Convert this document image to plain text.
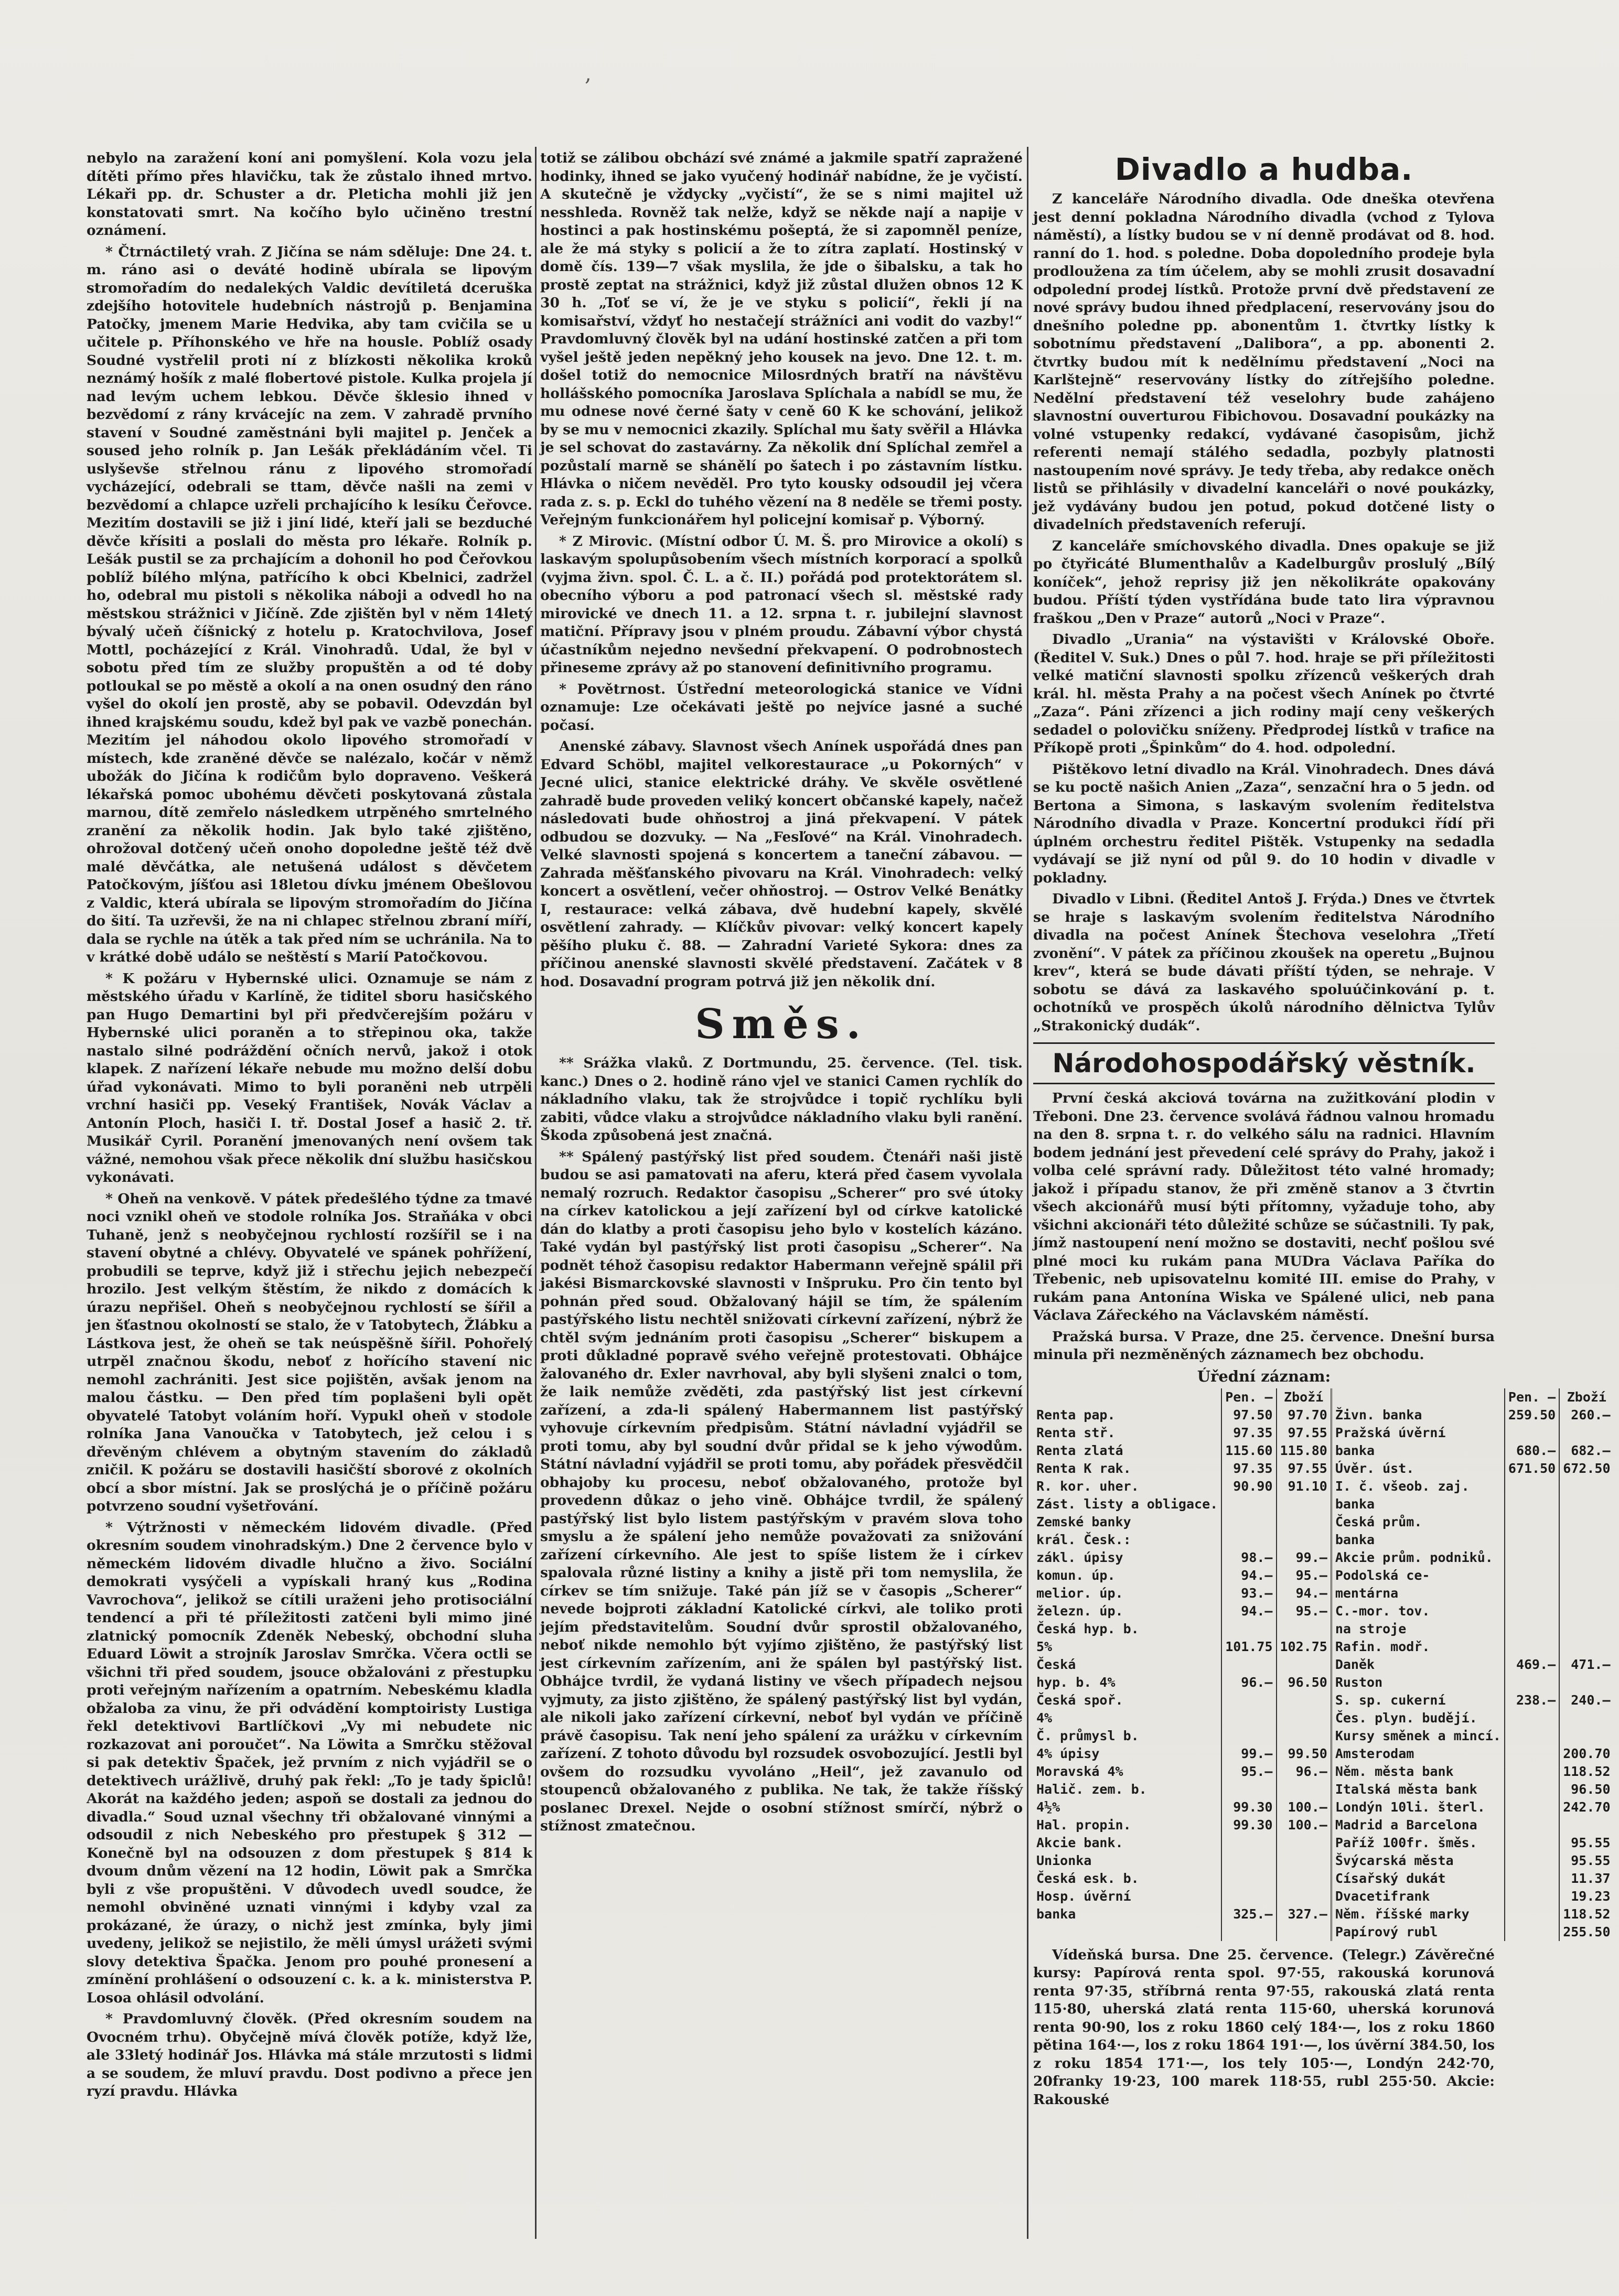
,

nebylo na zaražení koní ani pomyšlení. Kola vozu jela dítěti přímo přes hlavičku, tak že zůstalo ihned mrtvo. Lékaři pp. dr. Schuster a dr. Pleticha mohli již jen konstatovati smrt. Na kočího bylo učiněno trestní oznámení.

* Čtrnáctiletý vrah. Z Jičína se nám sděluje: Dne 24. t. m. ráno asi o deváté hodině ubírala se lipovým stromořadím do nedalekých Valdic devítiletá dceruška zdejšího hotovitele hudebních nástrojů p. Benjamina Patočky, jmenem Marie Hedvika, aby tam cvičila se u učitele p. Příhonského ve hře na housle. Poblíž osady Soudné vystřelil proti ní z blízkosti několika kroků neznámý hošík z malé flobertové pistole. Kulka projela jí nad levým uchem lebkou. Děvče šklesio ihned v bezvědomí z rány krvácejíc na zem. V zahradě prvního stavení v Soudné zaměstnáni byli majitel p. Jenček a soused jeho rolník p. Jan Lešák překládáním včel. Ti uslyševše střelnou ránu z lipového stromořadí vycházející, odebrali se ttam, děvče našli na zemi v bezvědomí a chlapce uzřeli prchajícího k lesíku Čeřovce. Mezitím dostavili se již i jiní lidé, kteří jali se bezduché děvče křísiti a poslali do města pro lékaře. Rolník p. Lešák pustil se za prchajícím a dohonil ho pod Čeřovkou poblíž bílého mlýna, patřícího k obci Kbelnici, zadržel ho, odebral mu pistoli s několika náboji a odvedl ho na městskou strážnici v Jičíně. Zde zjištěn byl v něm 14letý bývalý učeň číšnický z hotelu p. Kratochvilova, Josef Mottl, pocházející z Král. Vinohradů. Udal, že byl v sobotu před tím ze služby propuštěn a od té doby potloukal se po městě a okolí a na onen osudný den ráno vyšel do okolí jen prostě, aby se pobavil. Odevzdán byl ihned krajskému soudu, kdež byl pak ve vazbě ponechán. Mezitím jel náhodou okolo lipového stromořadí v místech, kde zraněné děvče se nalézalo, kočár v němž ubožák do Jičína k rodičům bylo dopraveno. Veškerá lékařská pomoc ubohému děvčeti poskytovaná zůstala marnou, dítě zemřelo následkem utrpěného smrtelného zranění za několik hodin. Jak bylo také zjištěno, ohrožoval dotčený učeň onoho dopoledne ještě též dvě malé děvčátka, ale netušená událost s děvčetem Patočkovým, jíšťou asi 18letou dívku jménem Obešlovou z Valdic, která ubírala se lipovým stromořadím do Jičína do šití. Ta uzřevši, že na ni chlapec střelnou zbraní míří, dala se rychle na útěk a tak před ním se uchránila. Na to v krátké době událo se neštěstí s Marií Patočkovou.

* K požáru v Hybernské ulici. Oznamuje se nám z městského úřadu v Karlíně, že tiditel sboru hasičského pan Hugo Demartini byl při předvčerejším požáru v Hybernské ulici poraněn a to střepinou oka, takže nastalo silné podráždění očních nervů, jakož i otok klapek. Z nařízení lékaře nebude mu možno delší dobu úřad vykonávati. Mimo to byli poraněni neb utrpěli vrchní hasiči pp. Veseký František, Novák Václav a Antonín Ploch, hasiči I. tř. Dostal Josef a hasič 2. tř. Musikář Cyril. Poranění jmenovaných není ovšem tak vážné, nemohou však přece několik dní službu hasičskou vykonávati.

* Oheň na venkově. V pátek předešlého týdne za tmavé noci vznikl oheň ve stodole rolníka Jos. Straňáka v obci Tuhaně, jenž s neobyčejnou rychlostí rozšířil se i na stavení obytné a chlévy. Obyvatelé ve spánek pohřížení, probudili se teprve, když již i střechu jejich nebezpečí hrozilo. Jest velkým štěstím, že nikdo z domácích k úrazu nepřišel. Oheň s neobyčejnou rychlostí se šířil a jen šťastnou okolností se stalo, že v Tatobytech, Žlábku a Lástkova jest, že oheň se tak neúspěšně šířil. Pohořelý utrpěl značnou škodu, neboť z hořícího stavení nic nemohl zachrániti. Jest sice pojištěn, avšak jenom na malou částku. — Den před tím poplašeni byli opět obyvatelé Tatobyt voláním hoří. Vypukl oheň v stodole rolníka Jana Vanoučka v Tatobytech, jež celou i s dřevěným chlévem a obytným stavením do základů zničil. K požáru se dostavili hasičští sborové z okolních obcí a sbor místní. Jak se proslýchá je o příčině požáru potvrzeno soudní vyšetřování.

* Výtržnosti v německém lidovém divadle. (Před okresním soudem vinohradským.) Dne 2 července bylo v německém lidovém divadle hlučno a živo. Sociální demokrati vysýčeli a vypískali hraný kus „Rodina Vavrochova“, jelikož se cítili uraženi jeho protisociální tendencí a při té příležitosti zatčeni byli mimo jiné zlatnický pomocník Zdeněk Nebeský, obchodní sluha Eduard Löwit a strojník Jaroslav Smrčka. Včera octli se všichni tři před soudem, jsouce obžalováni z přestupku proti veřejným nařízením a opatrním. Nebeskému kladla obžaloba za vinu, že při odvádění komptoiristy Lustiga řekl detektivovi Bartlíčkovi „Vy mi nebudete nic rozkazovat ani poroučet“. Na Löwita a Smrčku stěžoval si pak detektiv Špaček, jež prvním z nich vyjádřil se o detektivech urážlivě, druhý pak řekl: „To je tady špiclů! Akorát na každého jeden; aspoň se dostali za jednou do divadla.“ Soud uznal všechny tři obžalované vinnými a odsoudil z nich Nebeského pro přestupek § 312 — Konečně byl na odsouzen z dom přestupek § 814 k dvoum dnům vězení na 12 hodin, Löwit pak a Smrčka byli z vše propuštěni. V důvodech uvedl soudce, že nemohl obviněné uznati vinnými i kdyby vzal za prokázané, že úrazy, o nichž jest zmínka, byly jimi uvedeny, jelikož se nejistilo, že měli úmysl urážeti svými slovy detektiva Špačka. Jenom pro pouhé pronesení a zmínění prohlášení o odsouzení c. k. a k. ministerstva P. Losoa ohlásil odvolání.

* Pravdomluvný člověk. (Před okresním soudem na Ovocném trhu). Obyčejně mívá člověk potíže, když lže, ale 33letý hodinář Jos. Hlávka má stále mrzutosti s lidmi a se soudem, že mluví pravdu. Dost podivno a přece jen ryzí pravdu. Hlávka

totiž se zálibou obchází své známé a jakmile spatří zapražené hodinky, ihned se jako vyučený hodinář nabídne, že je vyčistí. A skutečně je vždycky „vyčistí“, že se s nimi majitel už nesshleda. Rovněž tak nelže, když se někde nají a napije v hostinci a pak hostinskému pošeptá, že si zapomněl peníze, ale že má styky s policií a že to zítra zaplatí. Hostinský v domě čís. 139—7 však myslila, že jde o šibalsku, a tak ho prostě zeptat na strážnici, když již zůstal dlužen obnos 12 K 30 h. „Toť se ví, že je ve styku s policií“, řekli jí na komisařství, vždyť ho nestačejí strážníci ani vodit do vazby!“ Pravdomluvný člověk byl na udání hostinské zatčen a při tom vyšel ještě jeden nepěkný jeho kousek na jevo. Dne 12. t. m. došel totiž do nemocnice Milosrdných bratří na návštěvu hollášského pomocníka Jaroslava Splíchala a nabídl se mu, že mu odnese nové černé šaty v ceně 60 K ke schování, jelikož by se mu v nemocnici zkazily. Splíchal mu šaty svěřil a Hlávka je sel schovat do zastavárny. Za několik dní Splíchal zemřel a pozůstalí marně se shánělí po šatech i po zástavním lístku. Hlávka o ničem nevěděl. Pro tyto kousky odsoudil jej včera rada z. s. p. Eckl do tuhého vězení na 8 neděle se třemi posty. Veřejným funkcionářem hyl policejní komisař p. Výborný.

* Z Mirovic. (Místní odbor Ú. M. Š. pro Mirovice a okolí) s laskavým spolupůsobením všech místních korporací a spolků (vyjma živn. spol. Č. L. a č. II.) pořádá pod protektorátem sl. obecního výboru a pod patronací všech sl. městské rady mirovické ve dnech 11. a 12. srpna t. r. jubilejní slavnost matiční. Přípravy jsou v plném proudu. Zábavní výbor chystá účastníkům nejedno nevšední překvapení. O podrobnostech přineseme zprávy až po stanovení definitivního programu.

* Povětrnost. Ústřední meteorologická stanice ve Vídni oznamuje: Lze očekávati ještě po nejvíce jasné a suché počasí.

Anenské zábavy. Slavnost všech Anínek uspořádá dnes pan Edvard Schöbl, majitel velkorestaurace „u Pokorných“ v Jecné ulici, stanice elektrické dráhy. Ve skvěle osvětlené zahradě bude proveden veliký koncert občanské kapely, načež následovati bude ohňostroj a jiná překvapení. V pátek odbudou se dozvuky. — Na „Fesľové“ na Král. Vinohradech. Velké slavnosti spojená s koncertem a taneční zábavou. — Zahrada měšťanského pivovaru na Král. Vinohradech: velký koncert a osvětlení, večer ohňostroj. — Ostrov Velké Benátky I, restaurace: velká zábava, dvě hudební kapely, skvělé osvětlení zahrady. — Klíčkův pivovar: velký koncert kapely pěšího pluku č. 88. — Zahradní Varieté Sykora: dnes za příčinou anenské slavnosti skvělé představení. Začátek v 8 hod. Dosavadní program potrvá již jen několik dní.

Směs.

** Srážka vlaků. Z Dortmundu, 25. července. (Tel. tisk. kanc.) Dnes o 2. hodině ráno vjel ve stanici Camen rychlík do nákladního vlaku, tak že strojvůdce i topič rychlíku byli zabiti, vůdce vlaku a strojvůdce nákladního vlaku byli ranění. Škoda způsobená jest značná.

** Spálený pastýřský list před soudem. Čtenáři naši jistě budou se asi pamatovati na aferu, která před časem vyvolala nemalý rozruch. Redaktor časopisu „Scherer“ pro své útoky na církev katolickou a její zařízení byl od církve katolické dán do klatby a proti časopisu jeho bylo v kostelích kázáno. Také vydán byl pastýřský list proti časopisu „Scherer“. Na podnět téhož časopisu redaktor Habermann veřejně spálil při jakési Bismarckovské slavnosti v Inšpruku. Pro čin tento byl pohnán před soud. Obžalovaný hájil se tím, že spálením pastýřského listu nechtěl snižovati církevní zařízení, nýbrž že chtěl svým jednáním proti časopisu „Scherer“ biskupem a proti důkladné popravě svého veřejně protestovati. Obhájce žalovaného dr. Exler navrhoval, aby byli slyšeni znalci o tom, že laik nemůže zvěděti, zda pastýřský list jest církevní zařízení, a zda-li spálený Habermannem list pastýřský vyhovuje církevním předpisům. Státní návladní vyjádřil se proti tomu, aby byl soudní dvůr přidal se k jeho výwodům. Státní návladní vyjádřil se proti tomu, aby pořádek přesvědčil obhajoby ku procesu, neboť obžalovaného, protože byl provedenn důkaz o jeho vině. Obhájce tvrdil, že spálený pastýřský list bylo listem pastýřským v pravém slova toho smyslu a že spálení jeho nemůže považovati za snižování zařízení církevního. Ale jest to spíše listem že i církev spalovala různé listiny a knihy a jistě při tom nemyslila, že církev se tím snižuje. Také pán jíž se v časopis „Scherer“ nevede bojproti základní Katolické církvi, ale toliko proti jejím představitelům. Soudní dvůr sprostil obžalovaného, neboť nikde nemohlo být vyjímo zjištěno, že pastýřský list jest církevním zařízením, ani že spálen byl pastýřský list. Obhájce tvrdil, že vydaná listiny ve všech případech nejsou vyjmuty, za jisto zjištěno, že spálený pastýřský list byl vydán, ale nikoli jako zařízení církevní, neboť byl vydán ve příčině právě časopisu. Tak není jeho spálení za urážku v církevním zařízení. Z tohoto důvodu byl rozsudek osvobozující. Jestli byl ovšem do rozsudku vyvoláno „Heil“, jež zavanulo od stoupenců obžalovaného z publika. Ne tak, že takže říšský poslanec Drexel. Nejde o osobní stížnost smírčí, nýbrž o stížnost zmatečnou.

Divadlo a hudba.

Z kanceláře Národního divadla. Ode dneška otevřena jest denní pokladna Národního divadla (vchod z Tylova náměstí), a lístky budou se v ní denně prodávat od 8. hod. ranní do 1. hod. s poledne. Doba dopoledního prodeje byla prodloužena za tím účelem, aby se mohli zrusit dosavadní odpolední prodej lístků. Protože první dvě představení ze nové správy budou ihned předplacení, reservovány jsou do dnešního poledne pp. abonentům 1. čtvrtky lístky k sobotnímu představení „Dalibora“, a pp. abonenti 2. čtvrtky budou mít k nedělnímu představení „Noci na Karlštejně“ reservovány lístky do zítřejšího poledne. Nedělní představení též veselohry bude zahájeno slavnostní ouverturou Fibichovou. Dosavadní poukázky na volné vstupenky redakcí, vydávané časopisům, jichž referenti nemají stálého sedadla, pozbyly platnosti nastoupením nové správy. Je tedy třeba, aby redakce oněch listů se přihlásily v divadelní kanceláři o nové poukázky, jež vydávány budou jen potud, pokud dotčené listy o divadelních představeních referují.

Z kanceláře smíchovského divadla. Dnes opakuje se již po čtyřicáté Blumenthalův a Kadelburgův proslulý „Bílý koníček“, jehož reprisy již jen několikráte opakovány budou. Příští týden vystřídána bude tato lira výpravnou fraškou „Den v Praze“ autorů „Noci v Praze“.

Divadlo „Urania“ na výstavišti v Královské Oboře. (Ředitel V. Suk.) Dnes o půl 7. hod. hraje se při příležitosti velké matiční slavnosti spolku zřízenců veškerých drah král. hl. města Prahy a na počest všech Anínek po čtvrté „Zaza“. Páni zřízenci a jich rodiny mají ceny veškerých sedadel o polovičku sníženy. Předprodej lístků v trafice na Příkopě proti „Špinkům“ do 4. hod. odpolední.

Pištěkovo letní divadlo na Král. Vinohradech. Dnes dává se ku poctě našich Anien „Zaza“, senzační hra o 5 jedn. od Bertona a Simona, s laskavým svolením ředitelstva Národního divadla v Praze. Koncertní produkci řídí při úplném orchestru ředitel Pištěk. Vstupenky na sedadla vydávají se již nyní od půl 9. do 10 hodin v divadle v pokladny.

Divadlo v Libni. (Ředitel Antoš J. Frýda.) Dnes ve čtvrtek se hraje s laskavým svolením ředitelstva Národního divadla na počest Anínek Štechova veselohra „Třetí zvonění“. V pátek za příčinou zkoušek na operetu „Bujnou krev“, která se bude dávati příští týden, se nehraje. V sobotu se dává za laskavého spoluúčinkování p. t. ochotníků ve prospěch úkolů národního dělnictva Tylův „Strakonický dudák“.

Národohospodářský věstník.

První česká akciová továrna na zužitkování plodin v Třeboni. Dne 23. července svolává řádnou valnou hromadu na den 8. srpna t. r. do velkého sálu na radnici. Hlavním bodem jednání jest převedení celé správy do Prahy, jakož i volba celé správní rady. Důležitost této valné hromady; jakož i případu stanov, že při změně stanov a 3 čtvrtin všech akcionářů musí býti přítomny, vyžaduje toho, aby všichni akcionáři této důležité schůze se súčastnili. Ty pak, jímž nastoupení není možno se dostaviti, nechť pošlou své plné moci ku rukám pana MUDra Václava Paříka do Třebenic, neb upisovatelnu komité III. emise do Prahy, v rukám pana Antonína Wiska ve Spálené ulici, neb pana Václava Zářeckého na Václavském náměstí.

Pražská bursa. V Praze, dne 25. července. Dnešní bursa minula při nezměněných záznamech bez obchodu.

Úřední záznam:
	Pen. —	Zboží		Pen. —	Zboží
Renta pap.	97.50	97.70	Živn. banka	259.50	260.—
Renta stř.	97.35	97.55	Pražská úvěrní		
Renta zlatá	115.60	115.80	banka	680.—	682.—
Renta K rak.	97.35	97.55	Úvěr. úst.	671.50	672.50
R. kor. uher.	90.90	91.10	I. č. všeob. zaj.		
Zást. listy a obligace.			banka		
Zemské banky			Česká prům.		
král. Česk.:			banka		
zákl. úpisy	98.—	99.—	Akcie prům. podniků.		
komun. úp.	94.—	95.—	Podolská ce-		
melior. úp.	93.—	94.—	mentárna		
železn. úp.	94.—	95.—	C.-mor. tov.		
Česká hyp. b.			na stroje		
5%	101.75	102.75	Rafin. modř.		
Česká			Daněk	469.—	471.—
hyp. b. 4%	96.—	96.50	Ruston		
Česká spoř.			S. sp. cukerní	238.—	240.—
4%			Čes. plyn. budějí.		
Č. průmysl b.			Kursy směnek a mincí.		
4% úpisy	99.—	99.50	Amsterodam		200.70
Moravská 4%	95.—	96.—	Něm. města bank		118.52
Halič. zem. b.			Italská města bank		96.50
4½%	99.30	100.—	Londýn 10li. šterl.		242.70
Hal. propin.	99.30	100.—	Madrid a Barcelona		
Akcie bank.			Paříž 100fr. šměs.		95.55
Unionka			Švýcarská města		95.55
Česká esk. b.			Císařský dukát		11.37
Hosp. úvěrní			Dvacetifrank		19.23
banka	325.—	327.—	Něm. říšské marky		118.52
			Papírový rubl		255.50

Vídeňská bursa. Dne 25. července. (Telegr.) Závěrečné kursy: Papírová renta spol. 97·55, rakouská korunová renta 97·35, stříbrná renta 97·55, rakouská zlatá renta 115·80, uherská zlatá renta 115·60, uherská korunová renta 90·90, los z roku 1860 celý 184·—, los z roku 1860 pětina 164·—, los z roku 1864 191·—, los úvěrní 384.50, los z roku 1854 171·—, los tely 105·—, Londýn 242·70, 20franky 19·23, 100 marek 118·55, rubl 255·50. Akcie: Rakouské
